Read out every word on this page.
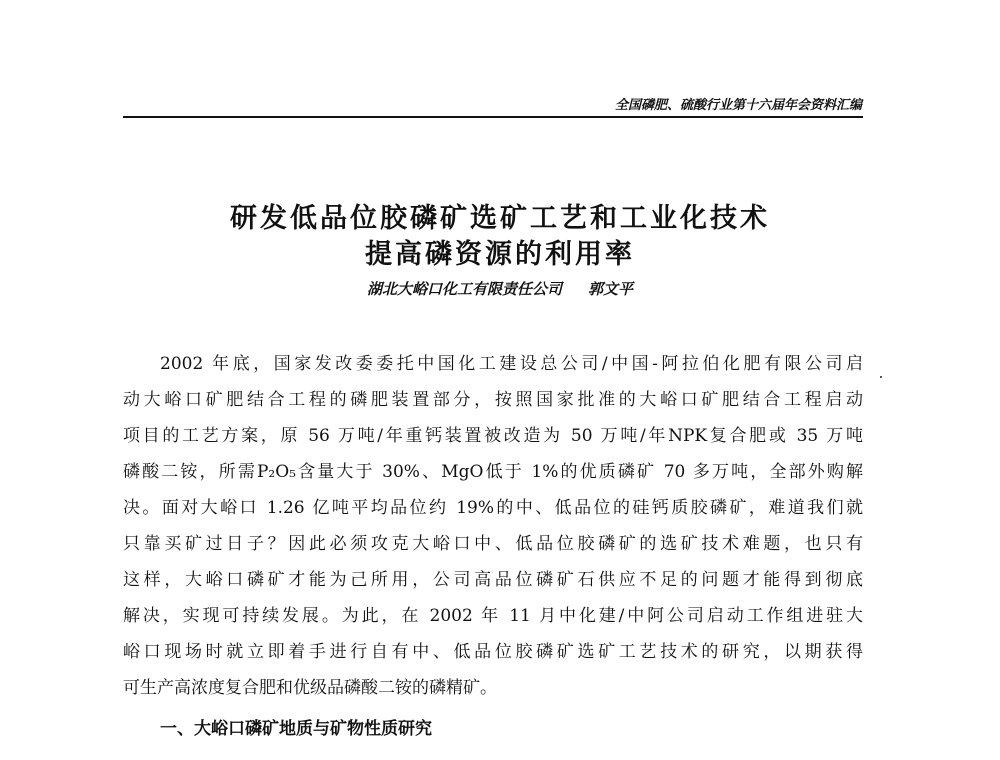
全国磷肥、硫酸行业第十六届年会资料汇编
研发低品位胶磷矿选矿工艺和工业化技术
提高磷资源的利用率
湖北大峪口化工有限责任公司 郭文平
2002 年底，国家发改委委托中国化工建设总公司/中国-阿拉伯化肥有限公司启
动大峪口矿肥结合工程的磷肥装置部分，按照国家批准的大峪口矿肥结合工程启动
项目的工艺方案，原 56 万吨/年重钙装置被改造为 50 万吨/年NPK复合肥或 35 万吨
磷酸二铵，所需P₂O₅含量大于 30%、MgO低于 1%的优质磷矿 70 多万吨，全部外购解
决。面对大峪口 1.26 亿吨平均品位约 19%的中、低品位的硅钙质胶磷矿，难道我们就
只靠买矿过日子？因此必须攻克大峪口中、低品位胶磷矿的选矿技术难题，也只有
这样，大峪口磷矿才能为己所用，公司高品位磷矿石供应不足的问题才能得到彻底
解决，实现可持续发展。为此，在 2002 年 11 月中化建/中阿公司启动工作组进驻大
峪口现场时就立即着手进行自有中、低品位胶磷矿选矿工艺技术的研究，以期获得
可生产高浓度复合肥和优级品磷酸二铵的磷精矿。
一、大峪口磷矿地质与矿物性质研究
